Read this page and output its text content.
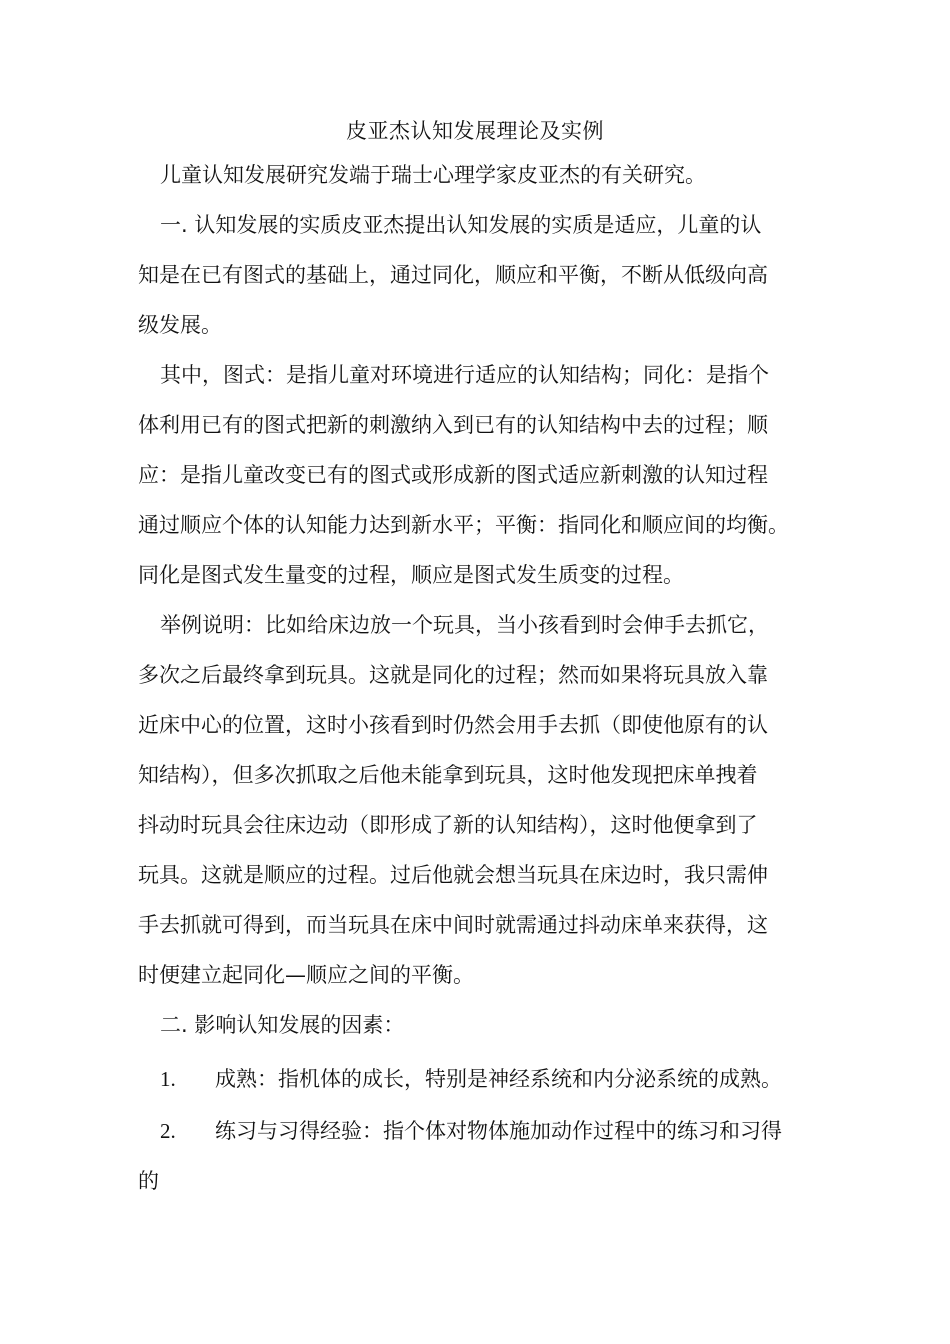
皮亚杰认知发展理论及实例
儿童认知发展研究发端于瑞士心理学家皮亚杰的有关研究。
一. 认知发展的实质皮亚杰提出认知发展的实质是适应，儿童的认
知是在已有图式的基础上，通过同化，顺应和平衡，不断从低级向高
级发展。
其中，图式：是指儿童对环境进行适应的认知结构；同化：是指个
体利用已有的图式把新的刺激纳入到已有的认知结构中去的过程；顺
应：是指儿童改变已有的图式或形成新的图式适应新刺激的认知过程
通过顺应个体的认知能力达到新水平；平衡：指同化和顺应间的均衡。
同化是图式发生量变的过程，顺应是图式发生质变的过程。
举例说明：比如给床边放一个玩具，当小孩看到时会伸手去抓它，
多次之后最终拿到玩具。这就是同化的过程；然而如果将玩具放入靠
近床中心的位置，这时小孩看到时仍然会用手去抓（即使他原有的认
知结构），但多次抓取之后他未能拿到玩具，这时他发现把床单拽着
抖动时玩具会往床边动（即形成了新的认知结构），这时他便拿到了
玩具。这就是顺应的过程。过后他就会想当玩具在床边时，我只需伸
手去抓就可得到，而当玩具在床中间时就需通过抖动床单来获得，这
时便建立起同化—顺应之间的平衡。
二. 影响认知发展的因素：
1. 成熟：指机体的成长，特别是神经系统和内分泌系统的成熟。
2. 练习与习得经验：指个体对物体施加动作过程中的练习和习得
的
